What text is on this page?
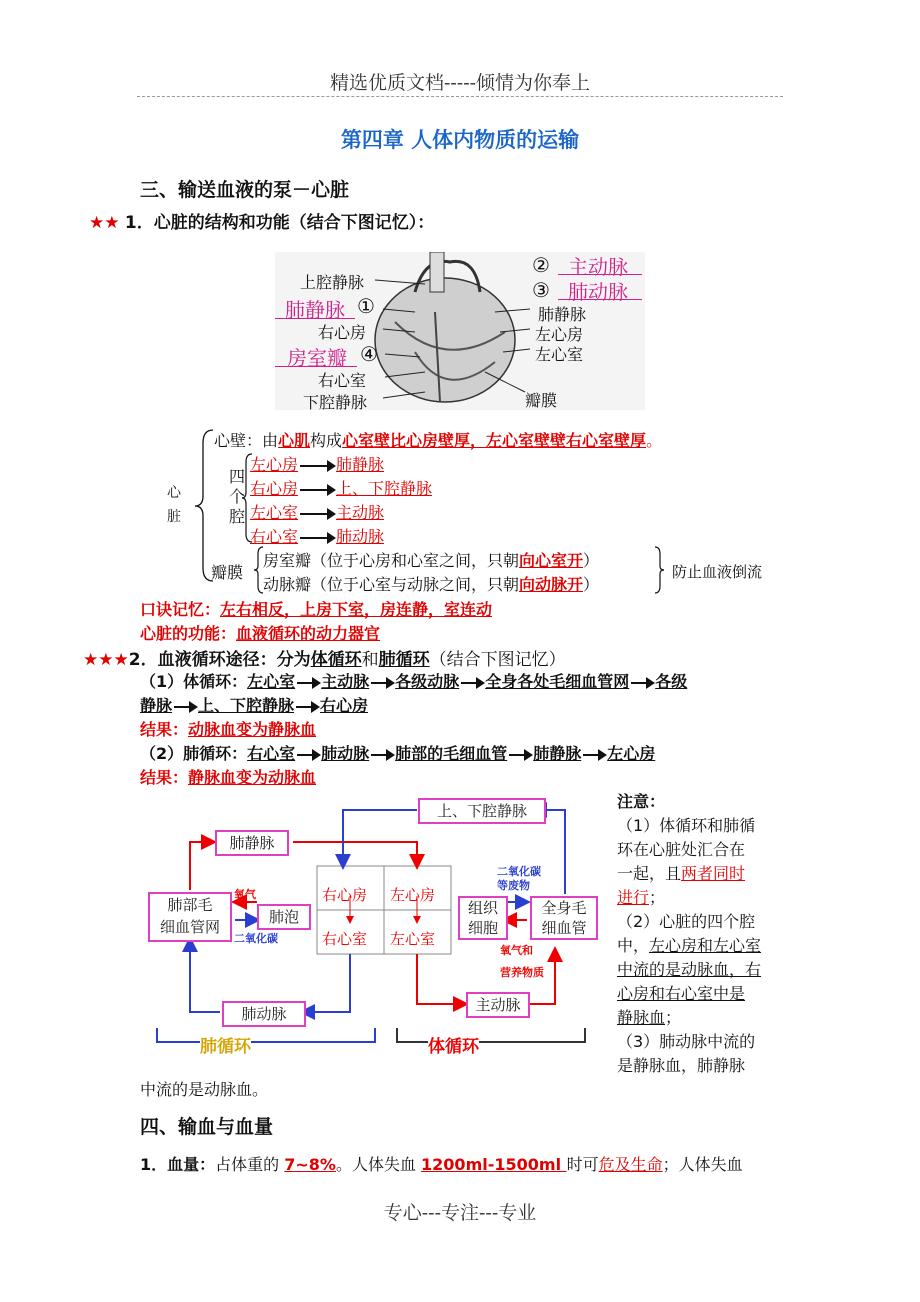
精选优质文档-----倾情为你奉上
第四章 人体内物质的运输
三、输送血液的泵－心脏
★★ 1．心脏的结构和功能（结合下图记忆）：
上腔静脉
肺静脉 ①
右心房
房室瓣 ④
右心室
下腔静脉
② 主动脉
③ 肺动脉
肺静脉
左心房
左心室
瓣膜
心
脏
心壁：由心肌构成心室壁比心房壁厚，左心室壁壁右心室壁厚。
四
个
腔
左心房 肺静脉
右心房 上、下腔静脉
左心室 主动脉
右心室 肺动脉
瓣膜
房室瓣（位于心房和心室之间，只朝向心室开）
动脉瓣（位于心室与动脉之间，只朝向动脉开）
防止血液倒流
口诀记忆：左右相反，上房下室，房连静，室连动
心脏的功能：血液循环的动力器官
★★★2．血液循环途径：分为体循环和肺循环（结合下图记忆）
（1）体循环：左心室 主动脉 各级动脉 全身各处毛细血管网 各级
静脉 上、下腔静脉 右心房
结果：动脉血变为静脉血
（2）肺循环：右心室 肺动脉 肺部的毛细血管 肺静脉 左心房
结果：静脉血变为动脉血
上、下腔静脉
肺静脉
肺部毛
细血管网
肺泡
氧气
二氧化碳
肺动脉
右心房 左心房
右心室 左心室
二氧化碳
等废物
组织
细胞
全身毛
细血管
氧气和
营养物质
主动脉
肺循环	体循环
注意：
（1）体循环和肺循
环在心脏处汇合在
一起，且两者同时
进行；
（2）心脏的四个腔
中，左心房和左心室
中流的是动脉血，右
心房和右心室中是
静脉血；
（3）肺动脉中流的
是静脉血，肺静脉
中流的是动脉血。
四、输血与血量
1．血量：占体重的 7~8%。人体失血 1200ml-1500ml 时可危及生命；人体失血
专心---专注---专业
